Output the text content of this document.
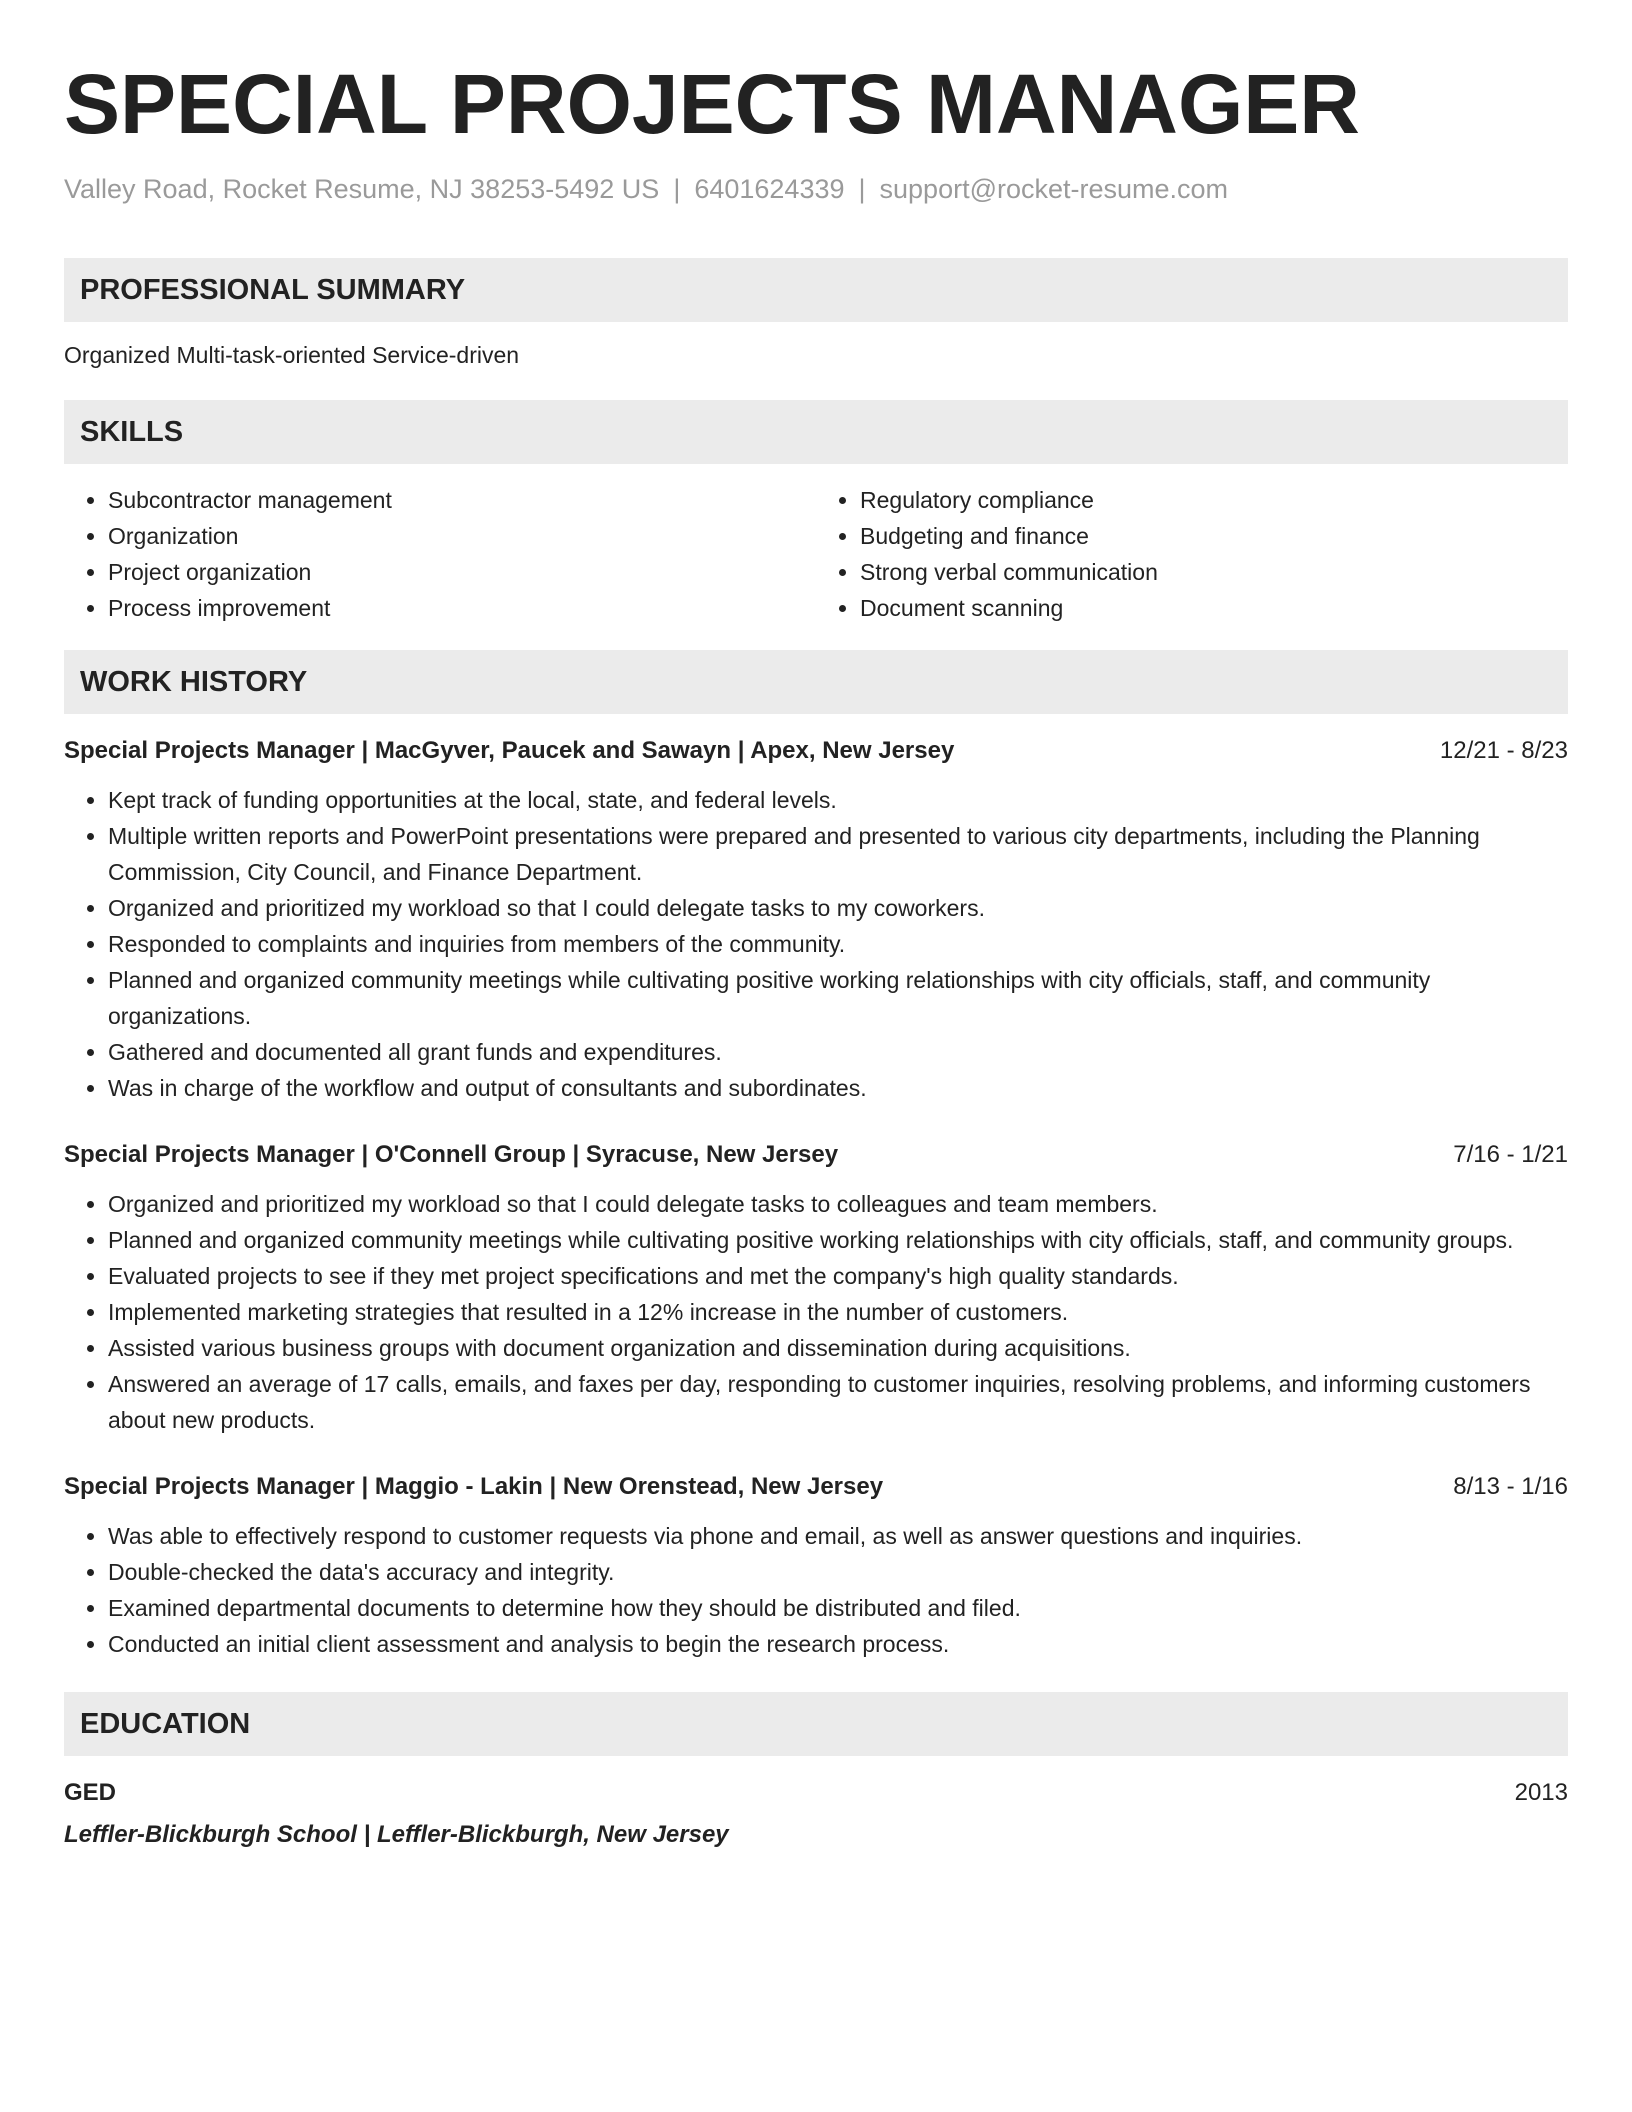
SPECIAL PROJECTS MANAGER
Valley Road, Rocket Resume, NJ 38253-5492 US | 6401624339 | support@rocket-resume.com
PROFESSIONAL SUMMARY
Organized Multi-task-oriented Service-driven
SKILLS
• Subcontractor management
• Organization
• Project organization
• Process improvement
• Regulatory compliance
• Budgeting and finance
• Strong verbal communication
• Document scanning
WORK HISTORY
Special Projects Manager | MacGyver, Paucek and Sawayn | Apex, New Jersey	12/21 - 8/23
• Kept track of funding opportunities at the local, state, and federal levels.
• Multiple written reports and PowerPoint presentations were prepared and presented to various city departments, including the Planning Commission, City Council, and Finance Department.
• Organized and prioritized my workload so that I could delegate tasks to my coworkers.
• Responded to complaints and inquiries from members of the community.
• Planned and organized community meetings while cultivating positive working relationships with city officials, staff, and community organizations.
• Gathered and documented all grant funds and expenditures.
• Was in charge of the workflow and output of consultants and subordinates.
Special Projects Manager | O'Connell Group | Syracuse, New Jersey	7/16 - 1/21
• Organized and prioritized my workload so that I could delegate tasks to colleagues and team members.
• Planned and organized community meetings while cultivating positive working relationships with city officials, staff, and community groups.
• Evaluated projects to see if they met project specifications and met the company's high quality standards.
• Implemented marketing strategies that resulted in a 12% increase in the number of customers.
• Assisted various business groups with document organization and dissemination during acquisitions.
• Answered an average of 17 calls, emails, and faxes per day, responding to customer inquiries, resolving problems, and informing customers about new products.
Special Projects Manager | Maggio - Lakin | New Orenstead, New Jersey	8/13 - 1/16
• Was able to effectively respond to customer requests via phone and email, as well as answer questions and inquiries.
• Double-checked the data's accuracy and integrity.
• Examined departmental documents to determine how they should be distributed and filed.
• Conducted an initial client assessment and analysis to begin the research process.
EDUCATION
GED	2013
Leffler-Blickburgh School | Leffler-Blickburgh, New Jersey
